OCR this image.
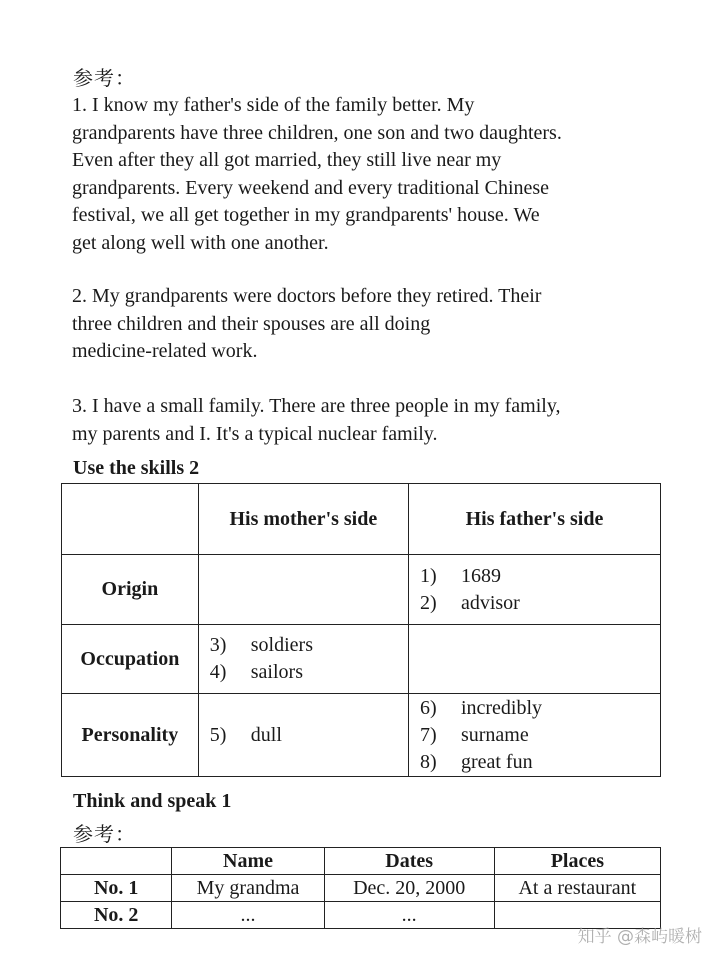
参考：

1. I know my father's side of the family better. My
grandparents have three children, one son and two daughters.
Even after they all got married, they still live near my
grandparents. Every weekend and every traditional Chinese
festival, we all get together in my grandparents' house. We
get along well with one another.

2. My grandparents were doctors before they retired. Their
three children and their spouses are all doing
medicine-related work.

3. I have a small family. There are three people in my family,
my parents and I. It's a typical nuclear family.

Use the skills 2
	His mother's side	His father's side
Origin		1) 1689
2) advisor

Occupation	3) soldiers
4) sailors	

Personality	5) dull	6) incredibly
7) surname
8) great fun
Think and speak 1
参考：
	Name	Dates	Places
No. 1	My grandma	Dec. 20, 2000	At a restaurant
No. 2	...	...	
知乎 @森屿暖树
